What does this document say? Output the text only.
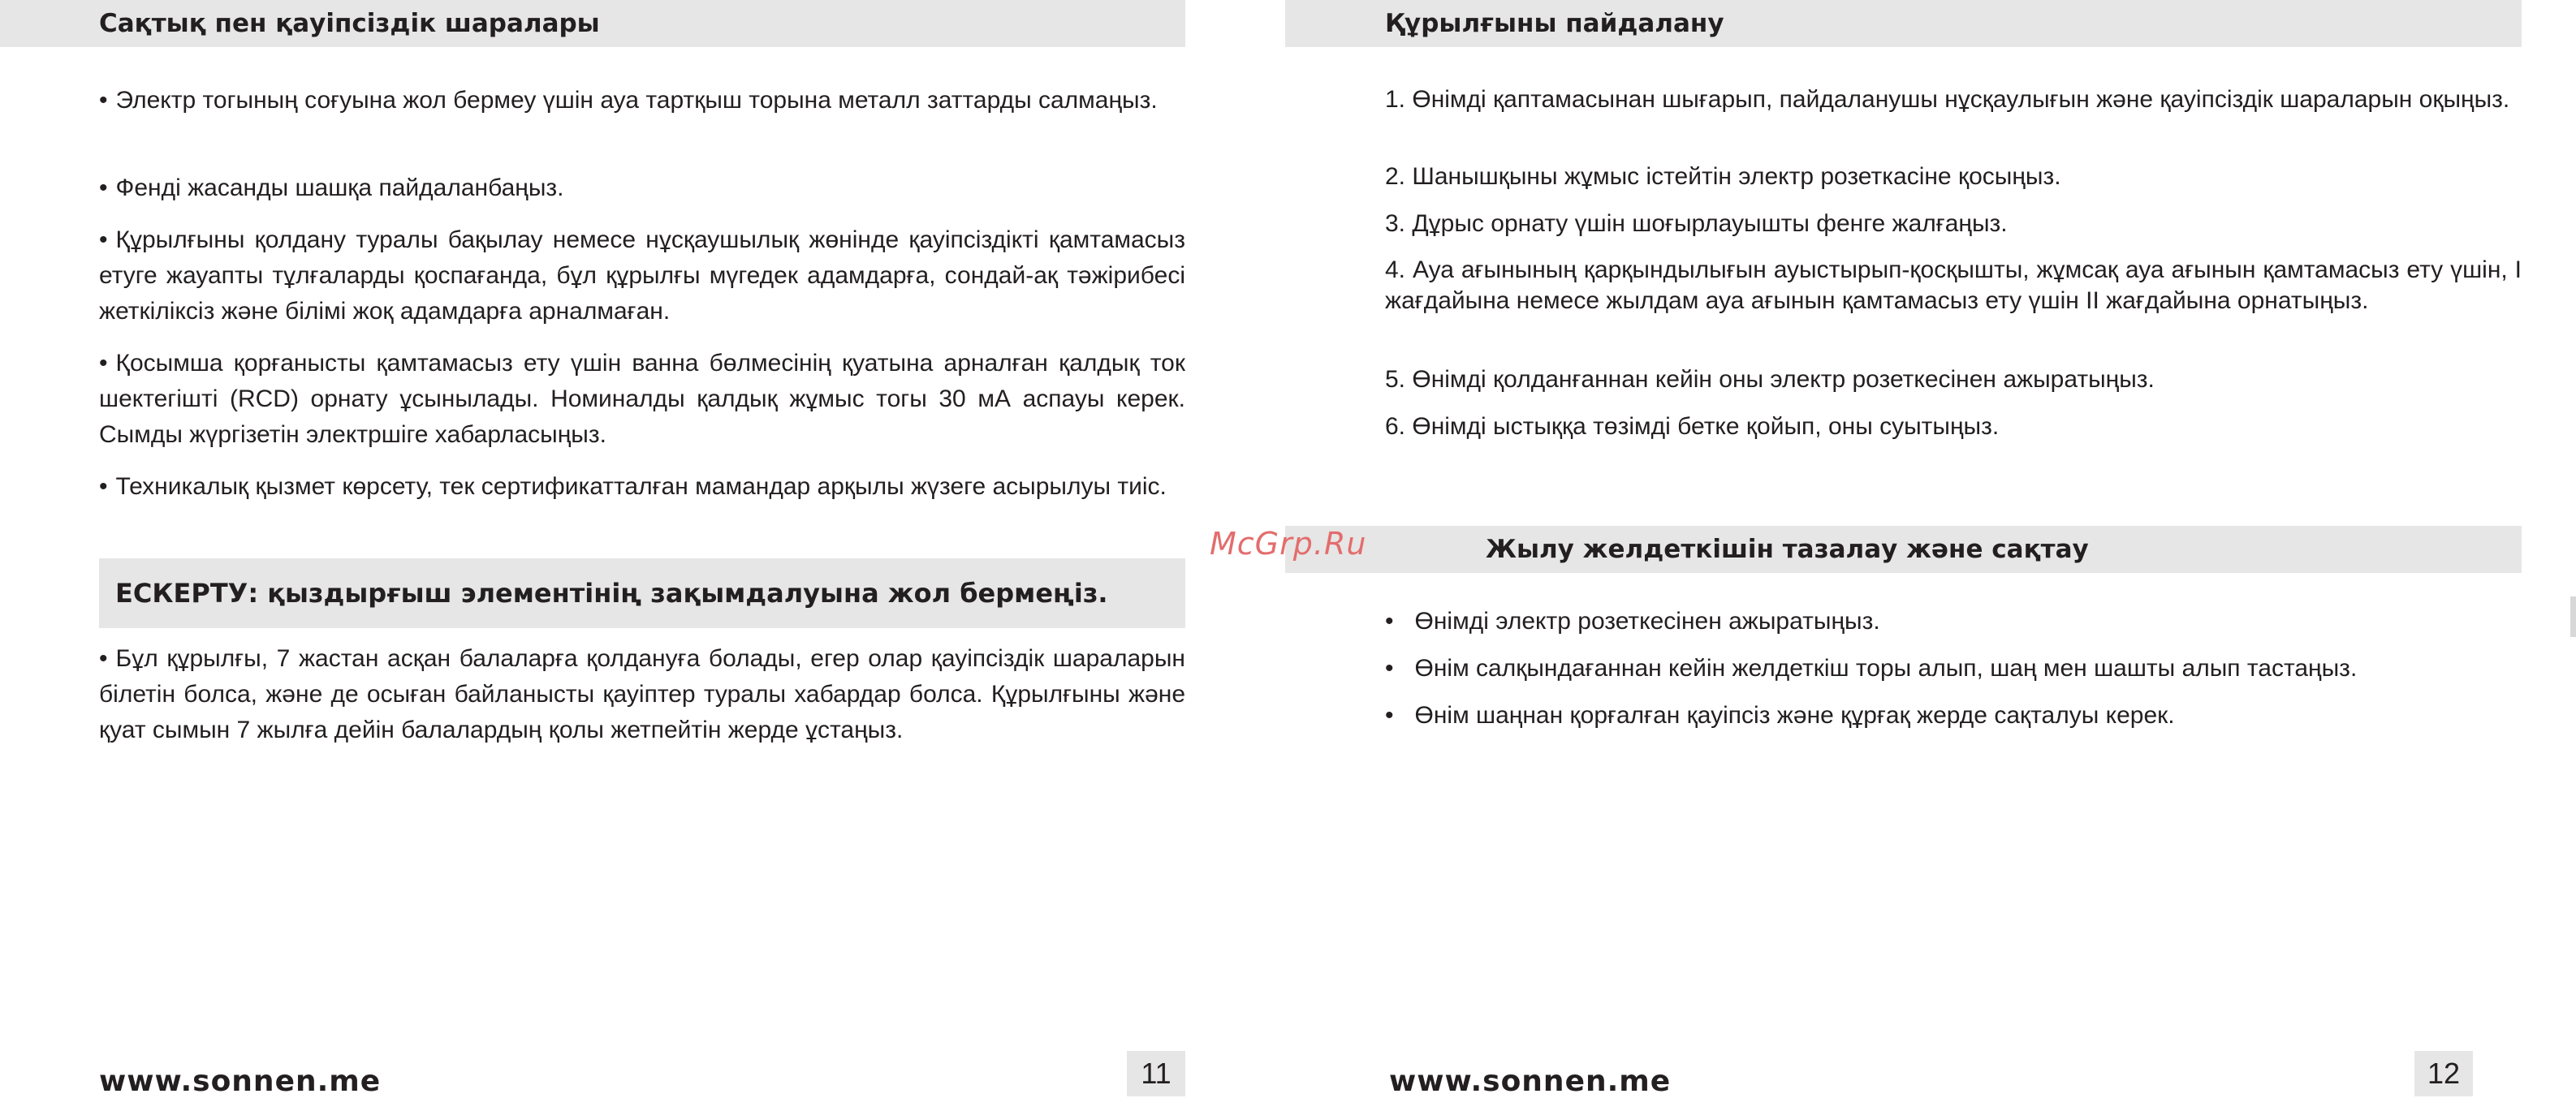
Сақтық пен қауіпсіздік шаралары

• Электр тогының соғуына жол бермеу үшін ауа тартқыш торына металл заттарды салмаңыз.

• Фенді жасанды шашқа пайдаланбаңыз.

• Құрылғыны қолдану туралы бақылау немесе нұсқаушылық жөнінде қауіпсіздікті қамтамасыз етуге жауапты тұлғаларды қоспағанда, бұл құрылғы мүгедек адамдарға, сондай-ақ тәжірибесі жеткіліксіз және білімі жоқ адамдарға арналмаған.

• Қосымша қорғанысты қамтамасыз ету үшін ванна бөлмесінің қуатына арналған қалдық ток шектегішті (RCD) орнату ұсынылады. Номиналды қалдық жұмыс тогы 30 мА аспауы керек. Сымды жүргізетін электршіге хабарласыңыз.

• Техникалық қызмет көрсету, тек сертификатталған мамандар арқылы жүзеге асырылуы тиіс.

ЕСКЕРТУ: қыздырғыш элементінің зақымдалуына жол бермеңіз.

• Бұл құрылғы, 7 жастан асқан балаларға қолдануға болады, егер олар қауіпсіздік шараларын білетін болса, және де осыған байланысты қауіптер туралы хабардар болса. Құрылғыны және қуат сымын 7 жылға дейін балалардың қолы жетпейтін жерде ұстаңыз.

www.sonnen.me	11
Құрылғыны пайдалану

1. Өнімді қаптамасынан шығарып, пайдаланушы нұсқаулығын және қауіпсіздік шараларын оқыңыз.

2. Шанышқыны жұмыс істейтін электр розеткасіне қосыңыз.

3. Дұрыс орнату үшін шоғырлауышты фенге жалғаңыз.

4. Ауа ағынының қарқындылығын ауыстырып-қосқышты, жұмсақ ауа ағынын қамтамасыз ету үшін, I жағдайына немесе жылдам ауа ағынын қамтамасыз ету үшін II жағдайына орнатыңыз.

5. Өнімді қолданғаннан кейін оны электр розеткесінен ажыратыңыз.

6. Өнімді ыстыққа төзімді бетке қойып, оны суытыңыз.

Жылу желдеткішін тазалау және сақтау

• Өнімді электр розеткесінен ажыратыңыз.

• Өнім салқындағаннан кейін желдеткіш торы алып, шаң мен шашты алып тастаңыз.

• Өнім шаңнан қорғалған қауіпсіз және құрғақ жерде сақталуы керек.

www.sonnen.me	12
McGrp.Ru
